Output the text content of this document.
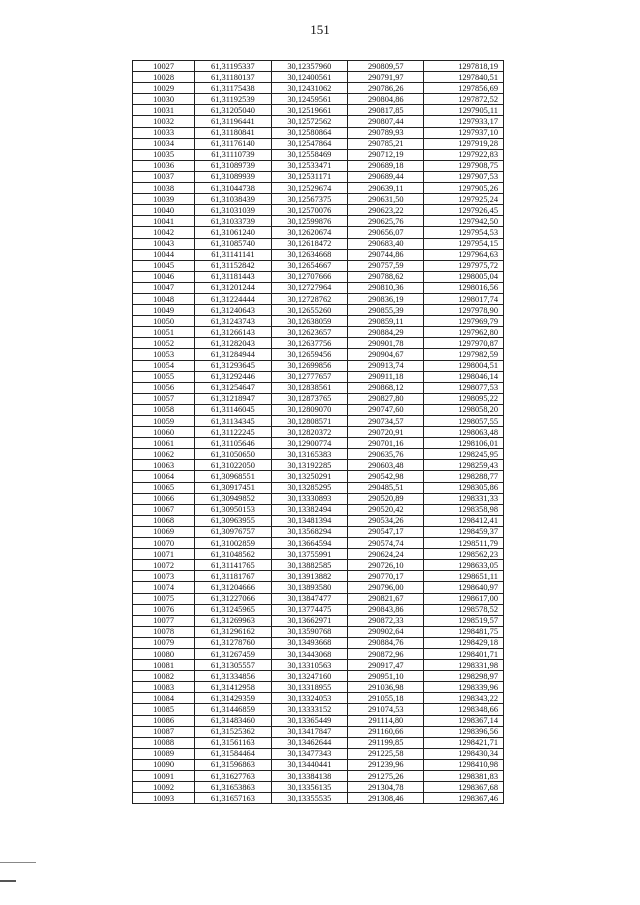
151
10027	61,31195337	30,12357960	290809,57	1297818,19
10028	61,31180137	30,12400561	290791,97	1297840,51
10029	61,31175438	30,12431062	290786,26	1297856,69
10030	61,31192539	30,12459561	290804,86	1297872,52
10031	61,31205040	30,12519661	290817,85	1297905,11
10032	61,31196441	30,12572562	290807,44	1297933,17
10033	61,31180841	30,12580864	290789,93	1297937,10
10034	61,31176140	30,12547864	290785,21	1297919,28
10035	61,31110739	30,12558469	290712,19	1297922,83
10036	61,31089739	30,12533471	290689,18	1297908,75
10037	61,31089939	30,12531171	290689,44	1297907,53
10038	61,31044738	30,12529674	290639,11	1297905,26
10039	61,31038439	30,12567375	290631,50	1297925,24
10040	61,31031039	30,12570076	290623,22	1297926,45
10041	61,31033739	30,12599876	290625,76	1297942,50
10042	61,31061240	30,12620674	290656,07	1297954,53
10043	61,31085740	30,12618472	290683,40	1297954,15
10044	61,31141141	30,12634668	290744,86	1297964,63
10045	61,31152842	30,12654667	290757,59	1297975,72
10046	61,31181443	30,12707666	290788,62	1298005,04
10047	61,31201244	30,12727964	290810,36	1298016,56
10048	61,31224444	30,12728762	290836,19	1298017,74
10049	61,31240643	30,12655260	290855,39	1297978,90
10050	61,31243743	30,12638059	290859,11	1297969,79
10051	61,31266143	30,12623657	290884,29	1297962,80
10052	61,31282043	30,12637756	290901,78	1297970,87
10053	61,31284944	30,12659456	290904,67	1297982,59
10054	61,31293645	30,12699856	290913,74	1298004,51
10055	61,31292446	30,12777657	290911,18	1298046,14
10056	61,31254647	30,12838561	290868,12	1298077,53
10057	61,31218947	30,12873765	290827,80	1298095,22
10058	61,31146045	30,12809070	290747,60	1298058,20
10059	61,31134345	30,12808571	290734,57	1298057,55
10060	61,31122245	30,12820372	290720,91	1298063,48
10061	61,31105646	30,12900774	290701,16	1298106,01
10062	61,31050650	30,13165383	290635,76	1298245,95
10063	61,31022050	30,13192285	290603,48	1298259,43
10064	61,30968551	30,13250291	290542,98	1298288,77
10065	61,30917451	30,13285295	290485,51	1298305,86
10066	61,30949852	30,13330893	290520,89	1298331,33
10067	61,30950153	30,13382494	290520,42	1298358,98
10068	61,30963955	30,13481394	290534,26	1298412,41
10069	61,30976757	30,13568294	290547,17	1298459,37
10070	61,31002859	30,13664594	290574,74	1298511,79
10071	61,31048562	30,13755991	290624,24	1298562,23
10072	61,31141765	30,13882585	290726,10	1298633,05
10073	61,31181767	30,13913882	290770,17	1298651,11
10074	61,31204666	30,13893580	290796,00	1298640,97
10075	61,31227066	30,13847477	290821,67	1298617,00
10076	61,31245965	30,13774475	290843,86	1298578,52
10077	61,31269963	30,13662971	290872,33	1298519,57
10078	61,31296162	30,13590768	290902,64	1298481,75
10079	61,31278760	30,13493668	290884,76	1298429,18
10080	61,31267459	30,13443068	290872,96	1298401,71
10081	61,31305557	30,13310563	290917,47	1298331,98
10082	61,31334856	30,13247160	290951,10	1298298,97
10083	61,31412958	30,13318955	291036,98	1298339,96
10084	61,31429359	30,13324053	291055,18	1298343,22
10085	61,31446859	30,13333152	291074,53	1298348,66
10086	61,31483460	30,13365449	291114,80	1298367,14
10087	61,31525362	30,13417847	291160,66	1298396,56
10088	61,31561163	30,13462644	291199,85	1298421,71
10089	61,31584464	30,13477343	291225,58	1298430,34
10090	61,31596863	30,13440441	291239,96	1298410,98
10091	61,31627763	30,13384138	291275,26	1298381,83
10092	61,31653863	30,13356135	291304,78	1298367,68
10093	61,31657163	30,13355535	291308,46	1298367,46
